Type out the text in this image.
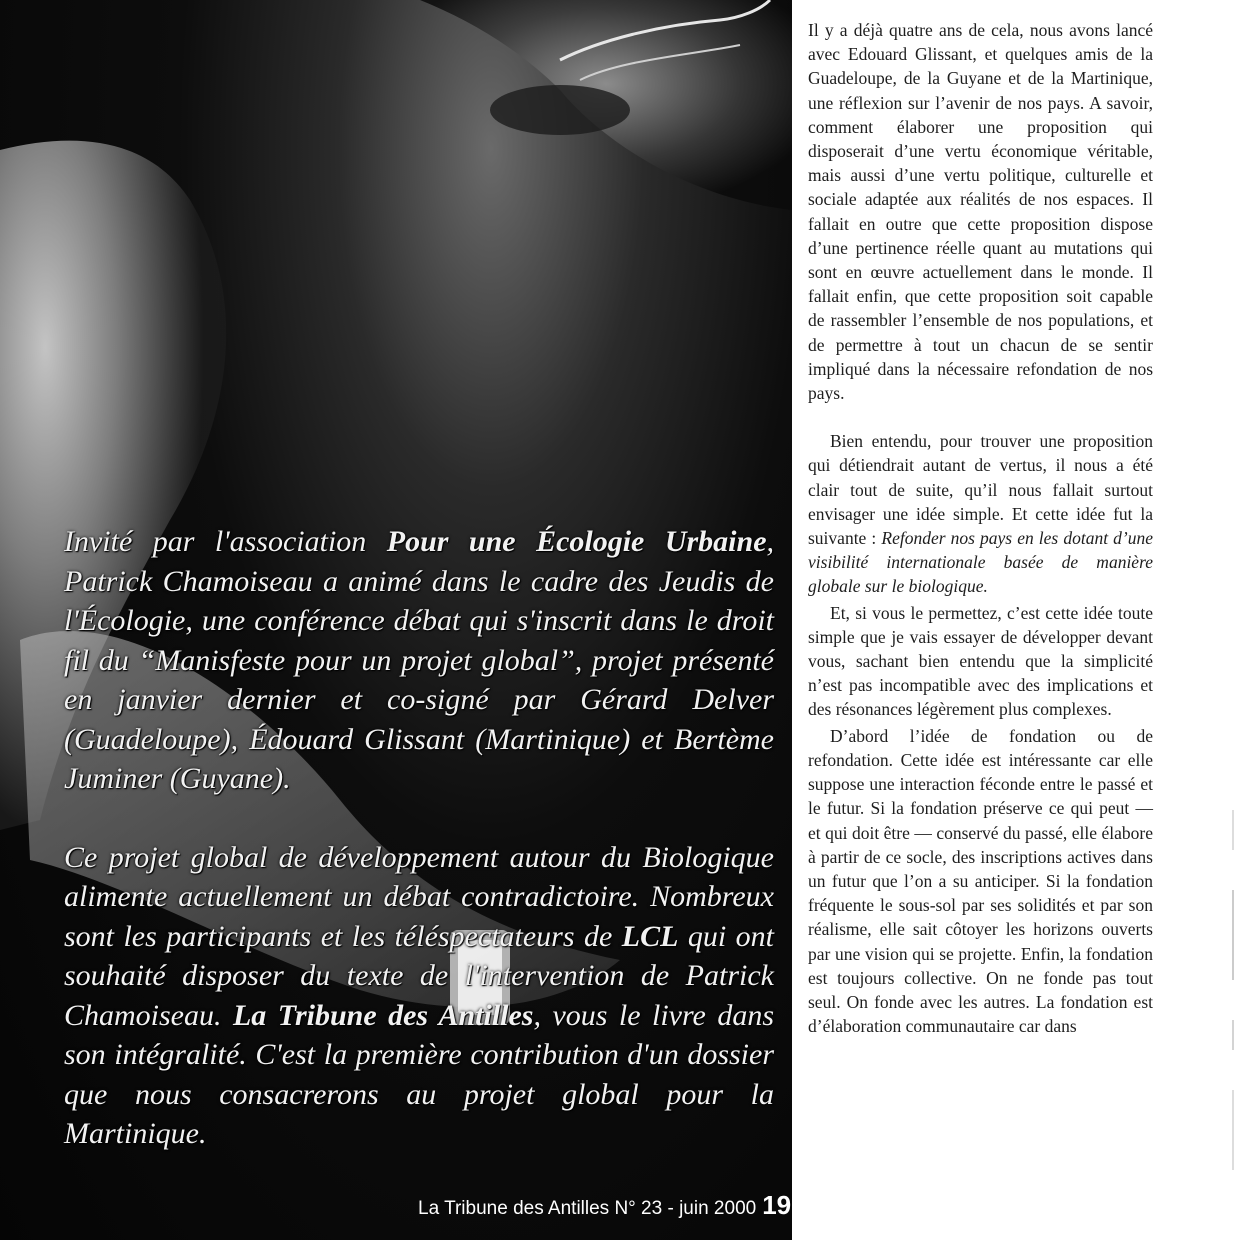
Invité par l'association Pour une Écologie Urbaine, Patrick Chamoiseau a animé dans le cadre des Jeudis de l'Écologie, une conférence débat qui s'inscrit dans le droit fil du “Manisfeste pour un projet global”, projet présenté en janvier dernier et co-signé par Gérard Delver (Guadeloupe), Édouard Glissant (Martinique) et Bertème Juminer (Guyane).

Ce projet global de développement autour du Biologique alimente actuellement un débat contradictoire. Nombreux sont les participants et les téléspectateurs de LCL qui ont souhaité disposer du texte de l'intervention de Patrick Chamoiseau. La Tribune des Antilles, vous le livre dans son intégralité. C'est la première contribution d'un dossier que nous consacrerons au projet global pour la Martinique.

La Tribune des Antilles N° 23 - juin 2000 19

Il y a déjà quatre ans de cela, nous avons lancé avec Edouard Glissant, et quelques amis de la Guadeloupe, de la Guyane et de la Martinique, une réflexion sur l’avenir de nos pays. A savoir, comment élaborer une proposition qui disposerait d’une vertu économique véritable, mais aussi d’une vertu politique, culturelle et sociale adaptée aux réalités de nos espaces. Il fallait en outre que cette proposition dispose d’une pertinence réelle quant au mutations qui sont en œuvre actuellement dans le monde. Il fallait enfin, que cette proposition soit capable de rassembler l’ensemble de nos populations, et de permettre à tout un chacun de se sentir impliqué dans la nécessaire refondation de nos pays.

Bien entendu, pour trouver une proposition qui détiendrait autant de vertus, il nous a été clair tout de suite, qu’il nous fallait surtout envisager une idée simple. Et cette idée fut la suivante : Refonder nos pays en les dotant d’une visibilité internationale basée de manière globale sur le biologique.

Et, si vous le permettez, c’est cette idée toute simple que je vais essayer de développer devant vous, sachant bien entendu que la simplicité n’est pas incompatible avec des implications et des résonances légèrement plus complexes.

D’abord l’idée de fondation ou de refondation. Cette idée est intéressante car elle suppose une interaction féconde entre le passé et le futur. Si la fondation préserve ce qui peut — et qui doit être — conservé du passé, elle élabore à partir de ce socle, des inscriptions actives dans un futur que l’on a su anticiper. Si la fondation fréquente le sous-sol par ses solidités et par son réalisme, elle sait côtoyer les horizons ouverts par une vision qui se projette. Enfin, la fondation est toujours collective. On ne fonde pas tout seul. On fonde avec les autres. La fondation est d’élaboration communautaire car dans
